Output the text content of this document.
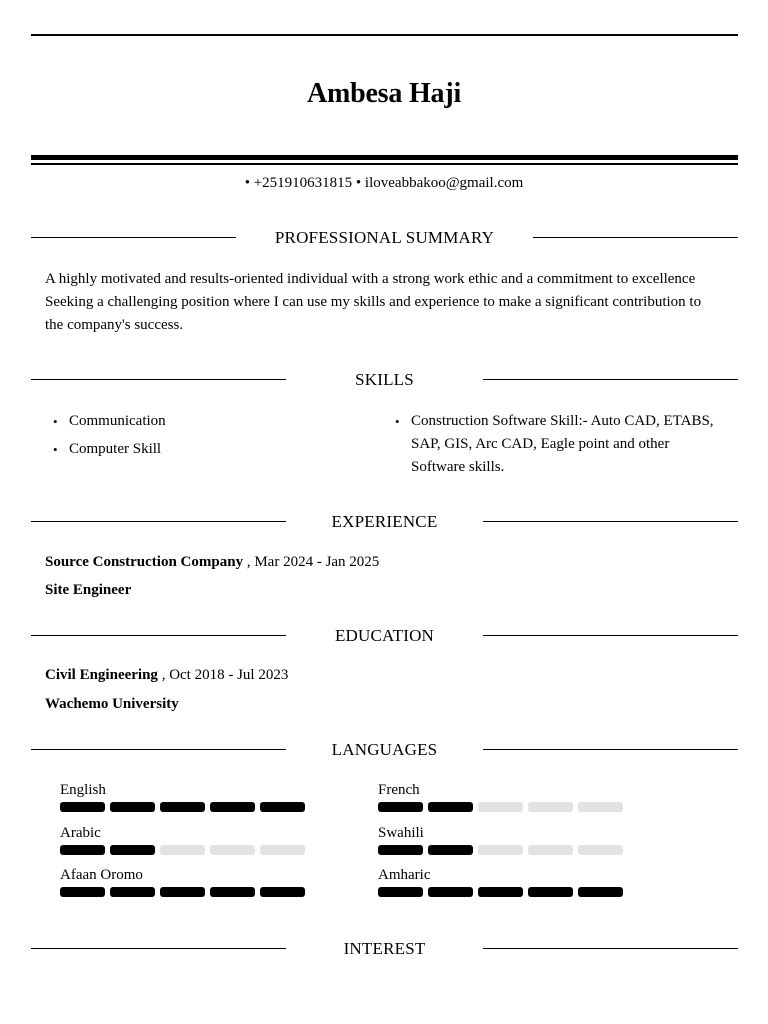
Ambesa Haji
• +251910631815 • iloveabbakoo@gmail.com
PROFESSIONAL SUMMARY
A highly motivated and results-oriented individual with a strong work ethic and a commitment to excellence
Seeking a challenging position where I can use my skills and experience to make a significant contribution to
the company's success.
SKILLS
• Communication
• Computer Skill
• Construction Software Skill:- Auto CAD, ETABS,
SAP, GIS, Arc CAD, Eagle point and other
Software skills.
EXPERIENCE
Source Construction Company , Mar 2024 - Jan 2025
Site Engineer
EDUCATION
Civil Engineering , Oct 2018 - Jul 2023
Wachemo University
LANGUAGES
English	French
Arabic	Swahili
Afaan Oromo	Amharic
INTEREST
